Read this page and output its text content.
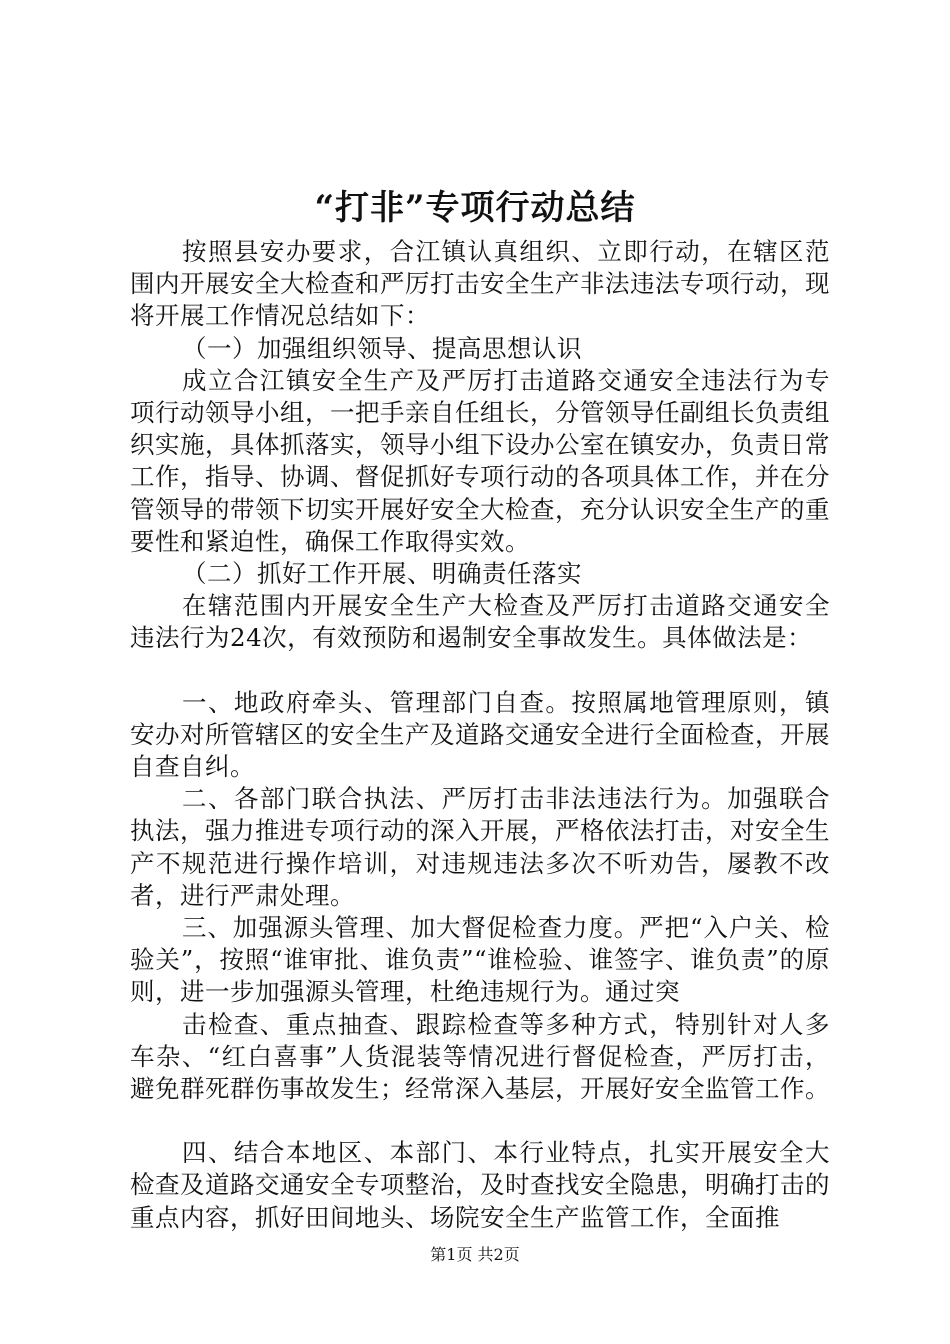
“打非”专项行动总结

按照县安办要求，合江镇认真组织、立即行动，在辖区范围内开展安全大检查和严厉打击安全生产非法违法专项行动，现将开展工作情况总结如下：

（一）加强组织领导、提高思想认识

成立合江镇安全生产及严厉打击道路交通安全违法行为专项行动领导小组，一把手亲自任组长，分管领导任副组长负责组织实施，具体抓落实，领导小组下设办公室在镇安办，负责日常工作，指导、协调、督促抓好专项行动的各项具体工作，并在分管领导的带领下切实开展好安全大检查，充分认识安全生产的重要性和紧迫性，确保工作取得实效。

（二）抓好工作开展、明确责任落实

在辖范围内开展安全生产大检查及严厉打击道路交通安全违法行为24次，有效预防和遏制安全事故发生。具体做法是：

一、地政府牵头、管理部门自查。按照属地管理原则，镇安办对所管辖区的安全生产及道路交通安全进行全面检查，开展自查自纠。

二、各部门联合执法、严厉打击非法违法行为。加强联合执法，强力推进专项行动的深入开展，严格依法打击，对安全生产不规范进行操作培训，对违规违法多次不听劝告，屡教不改者，进行严肃处理。

三、加强源头管理、加大督促检查力度。严把“入户关、检验关”，按照“谁审批、谁负责”“谁检验、谁签字、谁负责”的原则，进一步加强源头管理，杜绝违规行为。通过突

击检查、重点抽查、跟踪检查等多种方式，特别针对人多车杂、“红白喜事”人货混装等情况进行督促检查，严厉打击，避免群死群伤事故发生；经常深入基层，开展好安全监管工作。

四、结合本地区、本部门、本行业特点，扎实开展安全大检查及道路交通安全专项整治，及时查找安全隐患，明确打击的重点内容，抓好田间地头、场院安全生产监管工作，全面推

第1页 共2页
